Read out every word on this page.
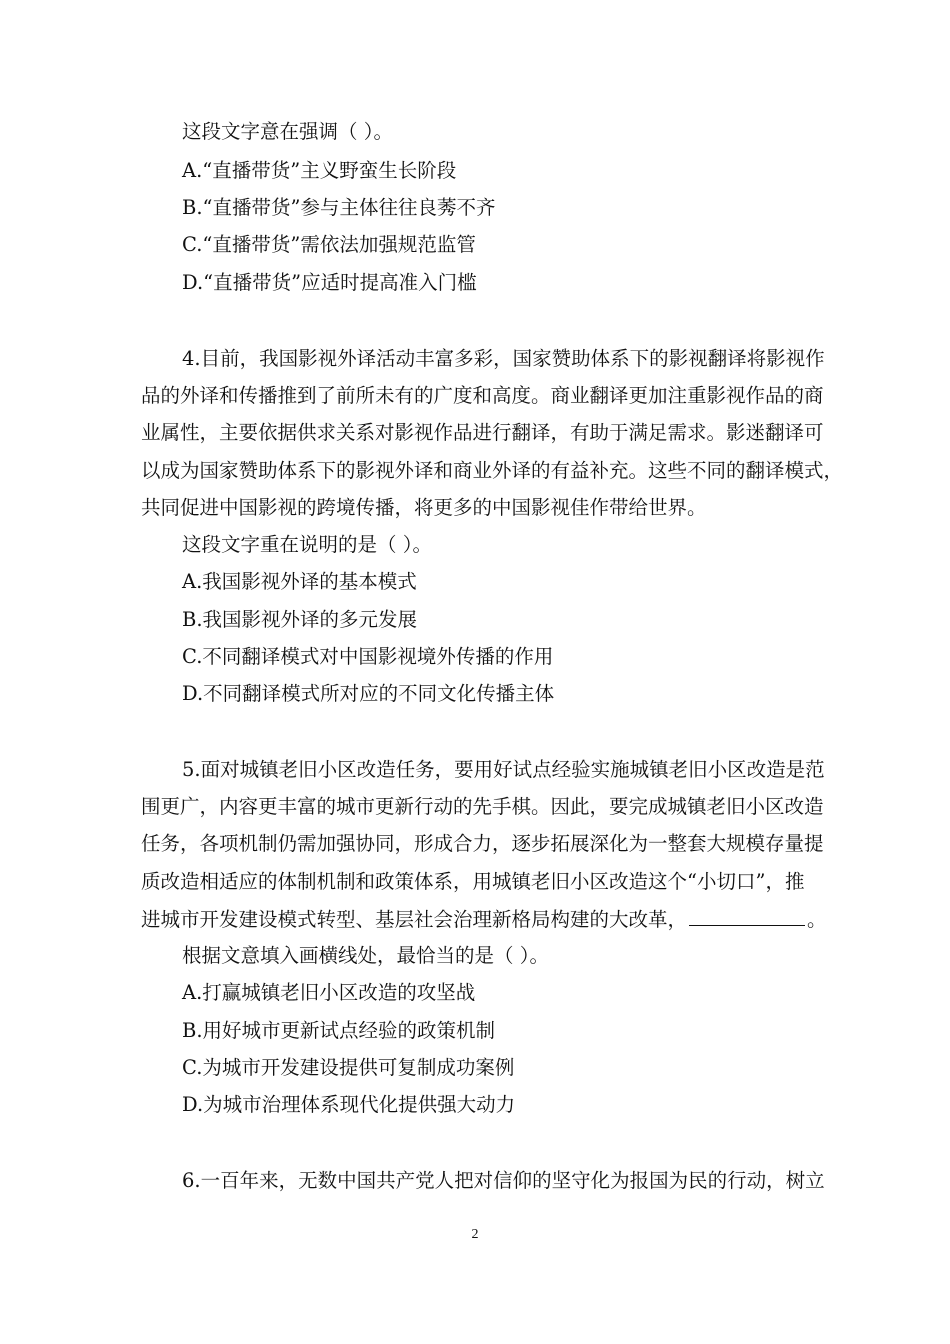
这段文字意在强调（ ）。
A.“直播带货”主义野蛮生长阶段
B.“直播带货”参与主体往往良莠不齐
C.“直播带货”需依法加强规范监管
D.“直播带货”应适时提高准入门槛
4.目前，我国影视外译活动丰富多彩，国家赞助体系下的影视翻译将影视作
品的外译和传播推到了前所未有的广度和高度。商业翻译更加注重影视作品的商
业属性，主要依据供求关系对影视作品进行翻译，有助于满足需求。影迷翻译可
以成为国家赞助体系下的影视外译和商业外译的有益补充。这些不同的翻译模式，
共同促进中国影视的跨境传播，将更多的中国影视佳作带给世界。
这段文字重在说明的是（ ）。
A.我国影视外译的基本模式
B.我国影视外译的多元发展
C.不同翻译模式对中国影视境外传播的作用
D.不同翻译模式所对应的不同文化传播主体
5.面对城镇老旧小区改造任务，要用好试点经验实施城镇老旧小区改造是范
围更广，内容更丰富的城市更新行动的先手棋。因此，要完成城镇老旧小区改造
任务，各项机制仍需加强协同，形成合力，逐步拓展深化为一整套大规模存量提
质改造相适应的体制机制和政策体系，用城镇老旧小区改造这个“小切口”，推
进城市开发建设模式转型、基层社会治理新格局构建的大改革，	。
根据文意填入画横线处，最恰当的是（ ）。
A.打赢城镇老旧小区改造的攻坚战
B.用好城市更新试点经验的政策机制
C.为城市开发建设提供可复制成功案例
D.为城市治理体系现代化提供强大动力
6.一百年来，无数中国共产党人把对信仰的坚守化为报国为民的行动，树立
2
